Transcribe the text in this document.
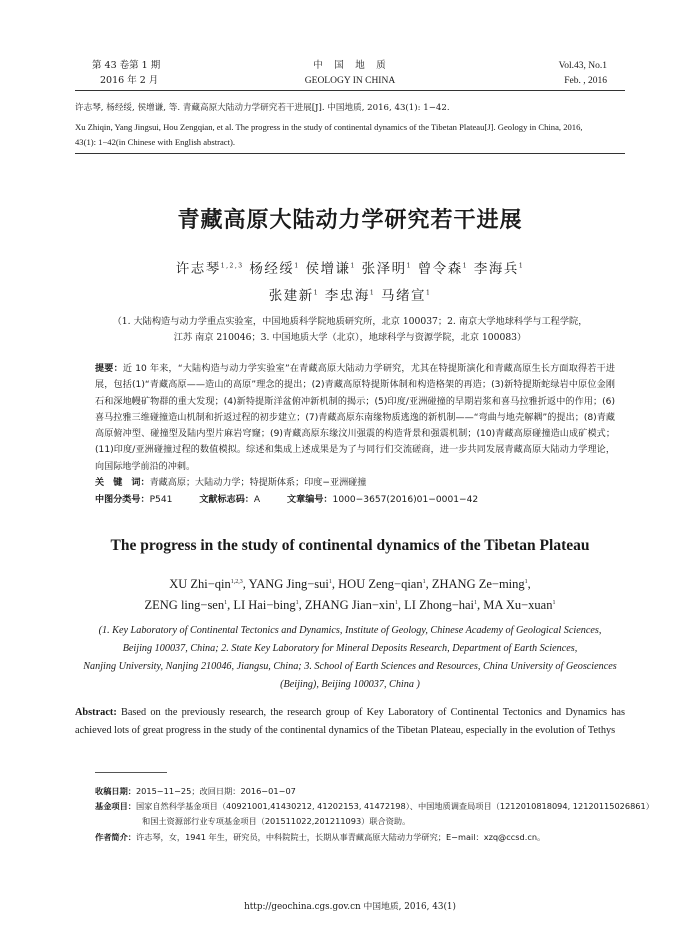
第 43 卷第 1 期
2016 年 2 月
中　国　地　质
GEOLOGY IN CHINA
Vol.43, No.1
Feb. , 2016
许志琴, 杨经绥, 侯增谦, 等. 青藏高原大陆动力学研究若干进展[J]. 中国地质, 2016, 43(1): 1−42.
Xu Zhiqin, Yang Jingsui, Hou Zengqian, et al. The progress in the study of continental dynamics of the Tibetan Plateau[J]. Geology in China, 2016,
43(1): 1−42(in Chinese with English abstract).
青藏高原大陆动力学研究若干进展
许志琴$^{1,2,3}$ 杨经绥$^1$ 侯增谦$^1$ 张泽明$^1$ 曾令森$^1$ 李海兵$^1$
张建新$^1$ 李忠海$^1$ 马绪宣$^1$
（1. 大陆构造与动力学重点实验室，中国地质科学院地质研究所，北京 100037；2. 南京大学地球科学与工程学院，
江苏 南京 210046；3. 中国地质大学（北京），地球科学与资源学院，北京 100083）
提要：近 10 年来，“大陆构造与动力学实验室”在青藏高原大陆动力学研究，尤其在特提斯演化和青藏高原生长方面取得若干进展，包括(1)“青藏高原——造山的高原”理念的提出；(2)青藏高原特提斯体制和构造格架的再造；(3)新特提斯蛇绿岩中原位金刚石和深地幔矿物群的重大发现；(4)新特提斯洋盆俯冲新机制的揭示；(5)印度/亚洲碰撞的早期岩浆和喜马拉雅折返中的作用；(6)喜马拉雅三维碰撞造山机制和折返过程的初步建立；(7)青藏高原东南缘物质逃逸的新机制——“弯曲与地壳解耦”的提出；(8)青藏高原俯冲型、碰撞型及陆内型片麻岩穹窿；(9)青藏高原东缘汶川强震的构造背景和强震机制；(10)青藏高原碰撞造山成矿模式；(11)印度/亚洲碰撞过程的数值模拟。综述和集成上述成果是为了与同行们交流磋商，进一步共同发展青藏高原大陆动力学理论，向国际地学前沿的冲刺。
关　键　词：青藏高原；大陆动力学；特提斯体系；印度−亚洲碰撞
中图分类号：P541	文献标志码：A	文章编号：1000−3657(2016)01−0001−42
The progress in the study of continental dynamics of the Tibetan Plateau
XU Zhi−qin$^{1,2,3}$, YANG Jing−sui$^1$, HOU Zeng−qian$^1$, ZHANG Ze−ming$^1$,
ZENG ling−sen$^1$, LI Hai−bing$^1$, ZHANG Jian−xin$^1$, LI Zhong−hai$^1$, MA Xu−xuan$^1$
(1. Key Laboratory of Continental Tectonics and Dynamics, Institute of Geology, Chinese Academy of Geological Sciences,
Beijing 100037, China; 2. State Key Laboratory for Mineral Deposits Research, Department of Earth Sciences,
Nanjing University, Nanjing 210046, Jiangsu, China; 3. School of Earth Sciences and Resources, China University of Geosciences
(Beijing), Beijing 100037, China )
Abstract: Based on the previously research, the research group of Key Laboratory of Continental Tectonics and Dynamics has achieved lots of great progress in the study of the continental dynamics of the Tibetan Plateau, especially in the evolution of Tethys
收稿日期：2015−11−25；改回日期：2016−01−07
基金项目：国家自然科学基金项目（40921001,41430212, 41202153, 41472198）、中国地质调查局项目（1212010818094, 12120115026861）
和国土资源部行业专项基金项目（201511022,201211093）联合资助。
作者简介：许志琴，女，1941 年生，研究员，中科院院士，长期从事青藏高原大陆动力学研究；E−mail：xzq@ccsd.cn。
http://geochina.cgs.gov.cn 中国地质, 2016, 43(1)
